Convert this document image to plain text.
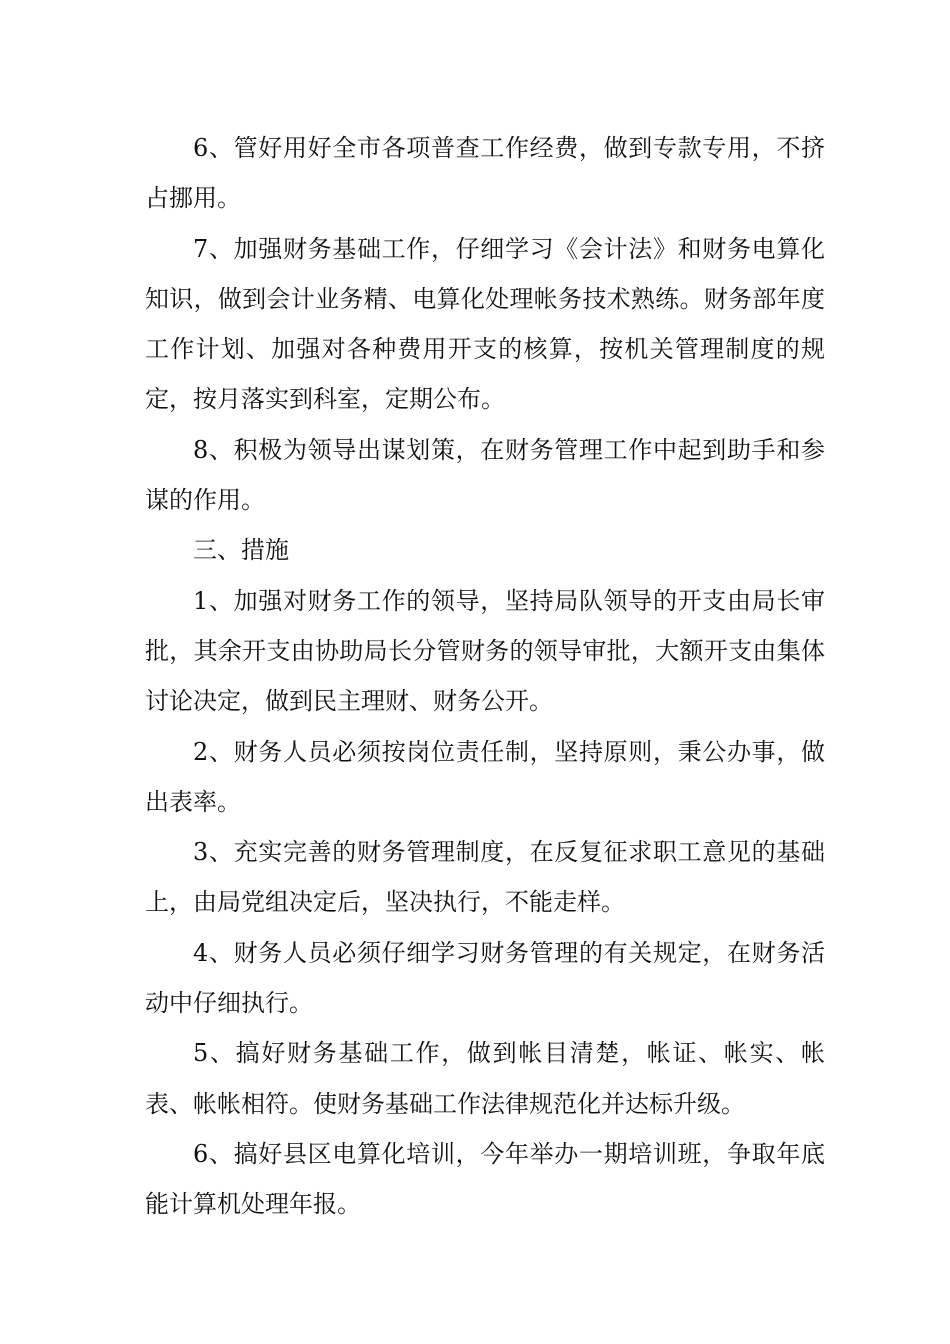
6、管好用好全市各项普查工作经费，做到专款专用，不挤占挪用。

7、加强财务基础工作，仔细学习《会计法》和财务电算化知识，做到会计业务精、电算化处理帐务技术熟练。财务部年度工作计划、加强对各种费用开支的核算，按机关管理制度的规定，按月落实到科室，定期公布。

8、积极为领导出谋划策，在财务管理工作中起到助手和参谋的作用。

三、措施

1、加强对财务工作的领导，坚持局队领导的开支由局长审批，其余开支由协助局长分管财务的领导审批，大额开支由集体讨论决定，做到民主理财、财务公开。

2、财务人员必须按岗位责任制，坚持原则，秉公办事，做出表率。

3、充实完善的财务管理制度，在反复征求职工意见的基础上，由局党组决定后，坚决执行，不能走样。

4、财务人员必须仔细学习财务管理的有关规定，在财务活动中仔细执行。

5、搞好财务基础工作，做到帐目清楚，帐证、帐实、帐表、帐帐相符。使财务基础工作法律规范化并达标升级。

6、搞好县区电算化培训，今年举办一期培训班，争取年底能计算机处理年报。
